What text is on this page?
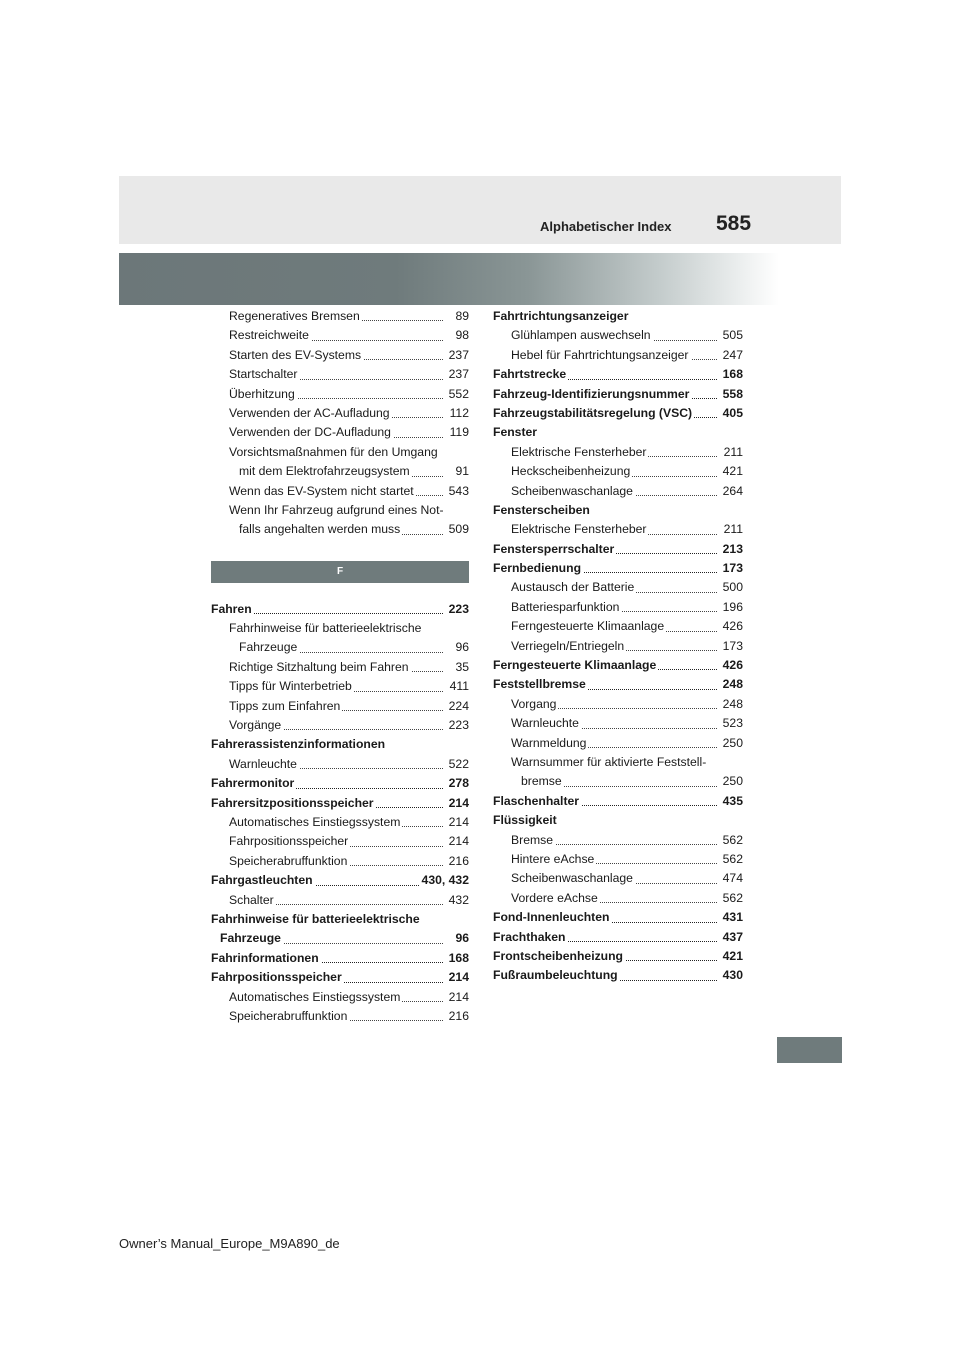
Alphabetischer Index 585
Regeneratives Bremsen	89
Restreichweite	98
Starten des EV-Systems	237
Startschalter	237
Überhitzung	552
Verwenden der AC-Aufladung	112
Verwenden der DC-Aufladung	119
Vorsichtsmaßnahmen für den Umgang
mit dem Elektrofahrzeugsystem	91
Wenn das EV-System nicht startet	543
Wenn Ihr Fahrzeug aufgrund eines Not-
falls angehalten werden muss	509
F
Fahren	223
Fahrhinweise für batterieelektrische
Fahrzeuge	96
Richtige Sitzhaltung beim Fahren	35
Tipps für Winterbetrieb	411
Tipps zum Einfahren	224
Vorgänge	223
Fahrerassistenzinformationen
Warnleuchte	522
Fahrermonitor	278
Fahrersitzpositionsspeicher	214
Automatisches Einstiegssystem	214
Fahrpositionsspeicher	214
Speicherabruffunktion	216
Fahrgastleuchten	430, 432
Schalter	432
Fahrhinweise für batterieelektrische
Fahrzeuge	96
Fahrinformationen	168
Fahrpositionsspeicher	214
Automatisches Einstiegssystem	214
Speicherabruffunktion	216
Fahrtrichtungsanzeiger
Glühlampen auswechseln	505
Hebel für Fahrtrichtungsanzeiger	247
Fahrtstrecke	168
Fahrzeug-Identifizierungsnummer	558
Fahrzeugstabilitätsregelung (VSC)	405
Fenster
Elektrische Fensterheber	211
Heckscheibenheizung	421
Scheibenwaschanlage	264
Fensterscheiben
Elektrische Fensterheber	211
Fenstersperrschalter	213
Fernbedienung	173
Austausch der Batterie	500
Batteriesparfunktion	196
Ferngesteuerte Klimaanlage	426
Verriegeln/Entriegeln	173
Ferngesteuerte Klimaanlage	426
Feststellbremse	248
Vorgang	248
Warnleuchte	523
Warnmeldung	250
Warnsummer für aktivierte Feststell-
bremse	250
Flaschenhalter	435
Flüssigkeit
Bremse	562
Hintere eAchse	562
Scheibenwaschanlage	474
Vordere eAchse	562
Fond-Innenleuchten	431
Frachthaken	437
Frontscheibenheizung	421
Fußraumbeleuchtung	430
Owner’s Manual_Europe_M9A890_de
